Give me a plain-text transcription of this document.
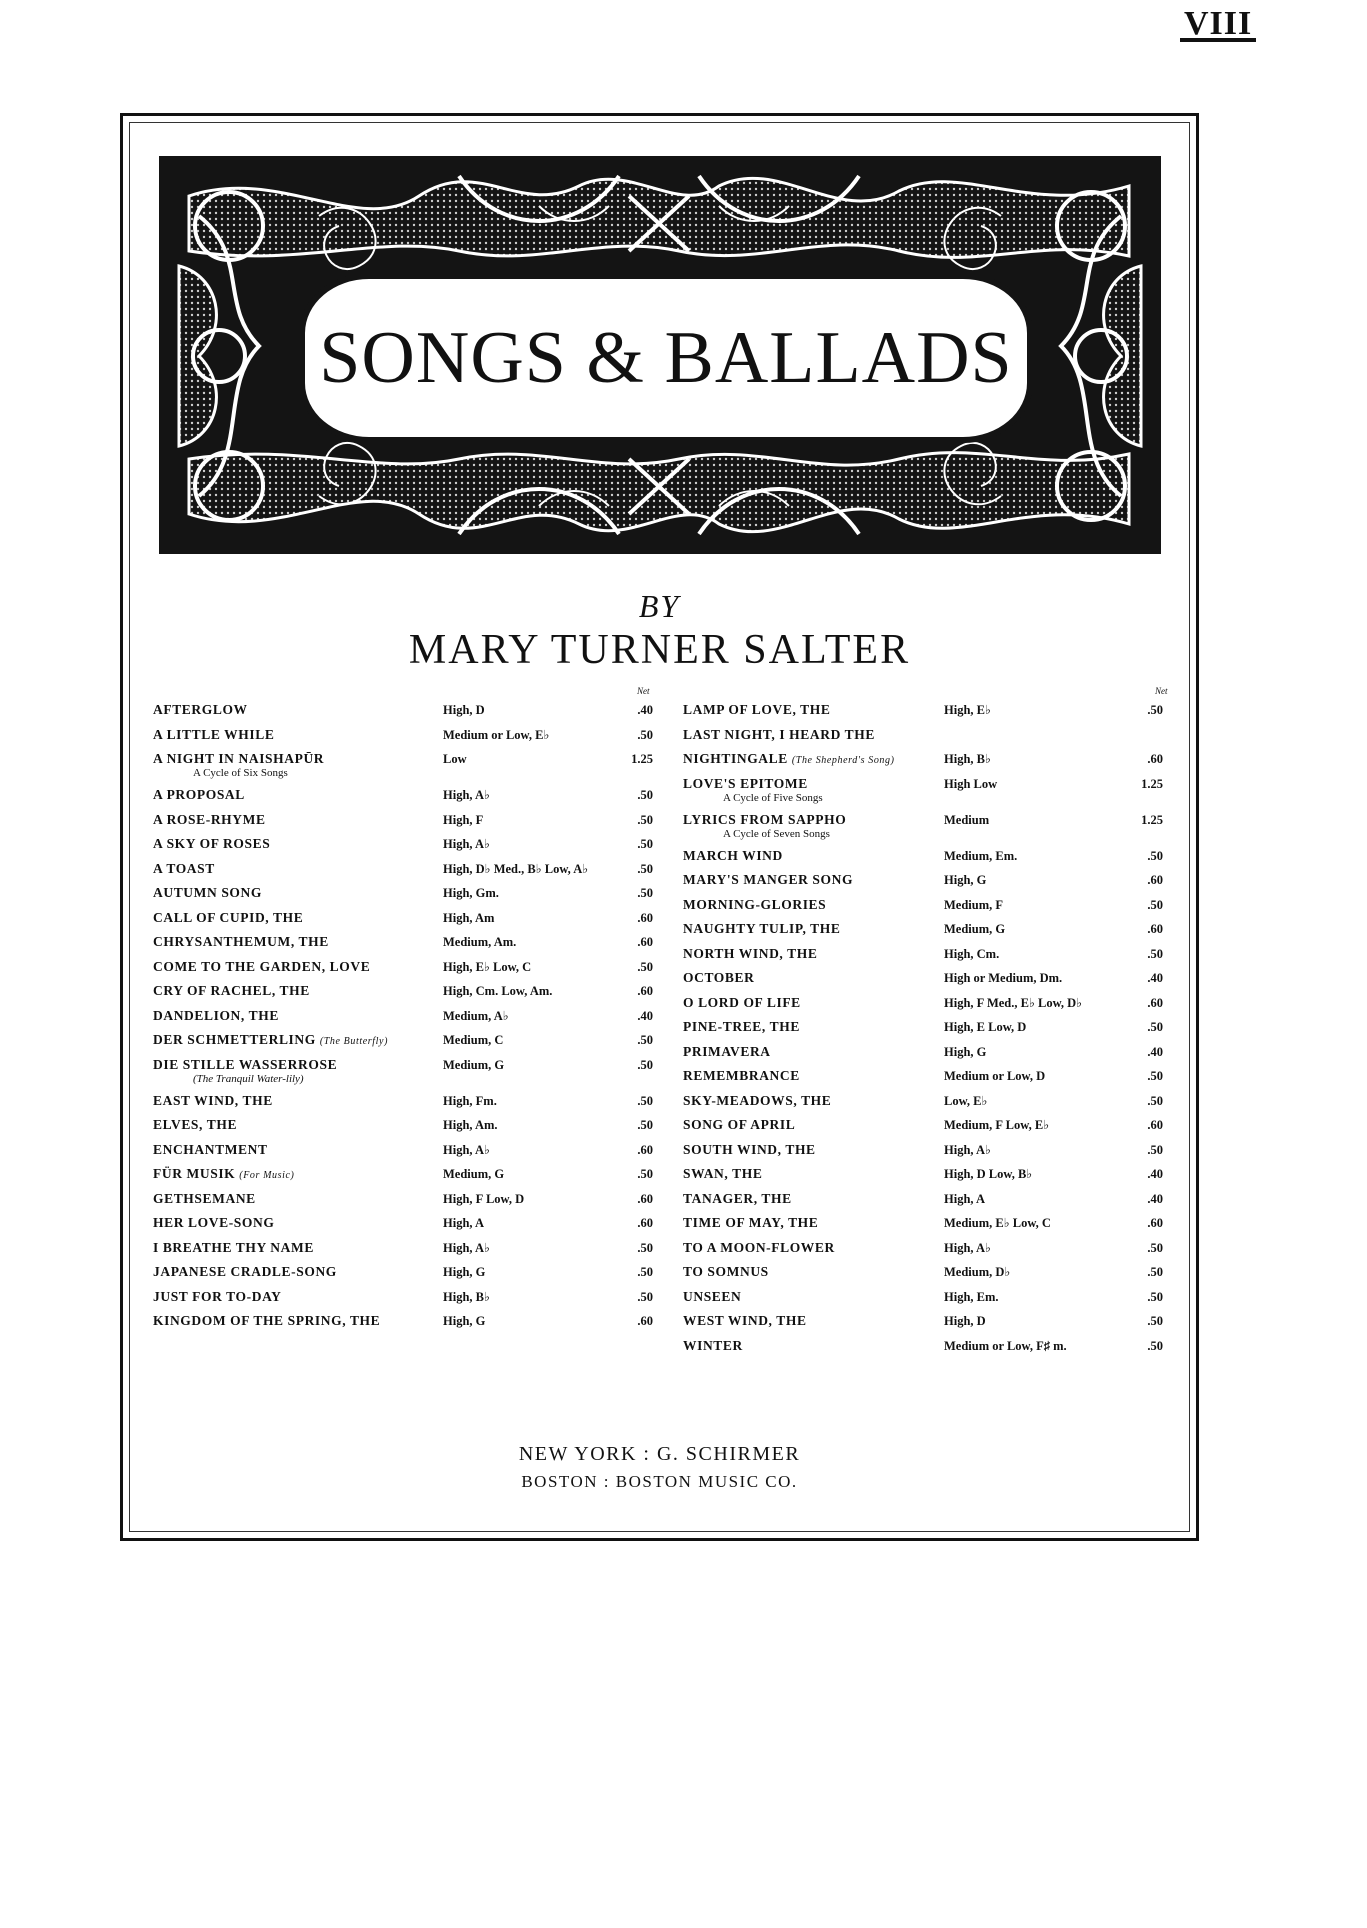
VIII
SONGS & BALLADS
BY
MARY TURNER SALTER
Net
AFTERGLOW	High, D	.40
A LITTLE WHILE	Medium or Low, E♭	.50
A NIGHT IN NAISHAPŪR	Low	1.25
A Cycle of Six Songs
A PROPOSAL	High, A♭	.50
A ROSE-RHYME	High, F	.50
A SKY OF ROSES	High, A♭	.50
A TOAST	High, D♭ Med., B♭ Low, A♭	.50
AUTUMN SONG	High, Gm.	.50
CALL OF CUPID, THE	High, Am	.60
CHRYSANTHEMUM, THE	Medium, Am.	.60
COME TO THE GARDEN, LOVE	High, E♭ Low, C	.50
CRY OF RACHEL, THE	High, Cm. Low, Am.	.60
DANDELION, THE	Medium, A♭	.40
DER SCHMETTERLING (The Butterfly)	Medium, C	.50
DIE STILLE WASSERROSE	Medium, G	.50
(The Tranquil Water-lily)
EAST WIND, THE	High, Fm.	.50
ELVES, THE	High, Am.	.50
ENCHANTMENT	High, A♭	.60
FÜR MUSIK (For Music)	Medium, G	.50
GETHSEMANE	High, F Low, D	.60
HER LOVE-SONG	High, A	.60
I BREATHE THY NAME	High, A♭	.50
JAPANESE CRADLE-SONG	High, G	.50
JUST FOR TO-DAY	High, B♭	.50
KINGDOM OF THE SPRING, THE	High, G	.60
Net
LAMP OF LOVE, THE	High, E♭	.50
LAST NIGHT, I HEARD THE
NIGHTINGALE (The Shepherd's Song)	High, B♭	.60
LOVE'S EPITOME	High Low	1.25
A Cycle of Five Songs
LYRICS FROM SAPPHO	Medium	1.25
A Cycle of Seven Songs
MARCH WIND	Medium, Em.	.50
MARY'S MANGER SONG	High, G	.60
MORNING-GLORIES	Medium, F	.50
NAUGHTY TULIP, THE	Medium, G	.60
NORTH WIND, THE	High, Cm.	.50
OCTOBER	High or Medium, Dm.	.40
O LORD OF LIFE	High, F Med., E♭ Low, D♭	.60
PINE-TREE, THE	High, E Low, D	.50
PRIMAVERA	High, G	.40
REMEMBRANCE	Medium or Low, D	.50
SKY-MEADOWS, THE	Low, E♭	.50
SONG OF APRIL	Medium, F Low, E♭	.60
SOUTH WIND, THE	High, A♭	.50
SWAN, THE	High, D Low, B♭	.40
TANAGER, THE	High, A	.40
TIME OF MAY, THE	Medium, E♭ Low, C	.60
TO A MOON-FLOWER	High, A♭	.50
TO SOMNUS	Medium, D♭	.50
UNSEEN	High, Em.	.50
WEST WIND, THE	High, D	.50
WINTER	Medium or Low, F♯ m.	.50
NEW YORK : G. SCHIRMER
BOSTON : BOSTON MUSIC CO.
